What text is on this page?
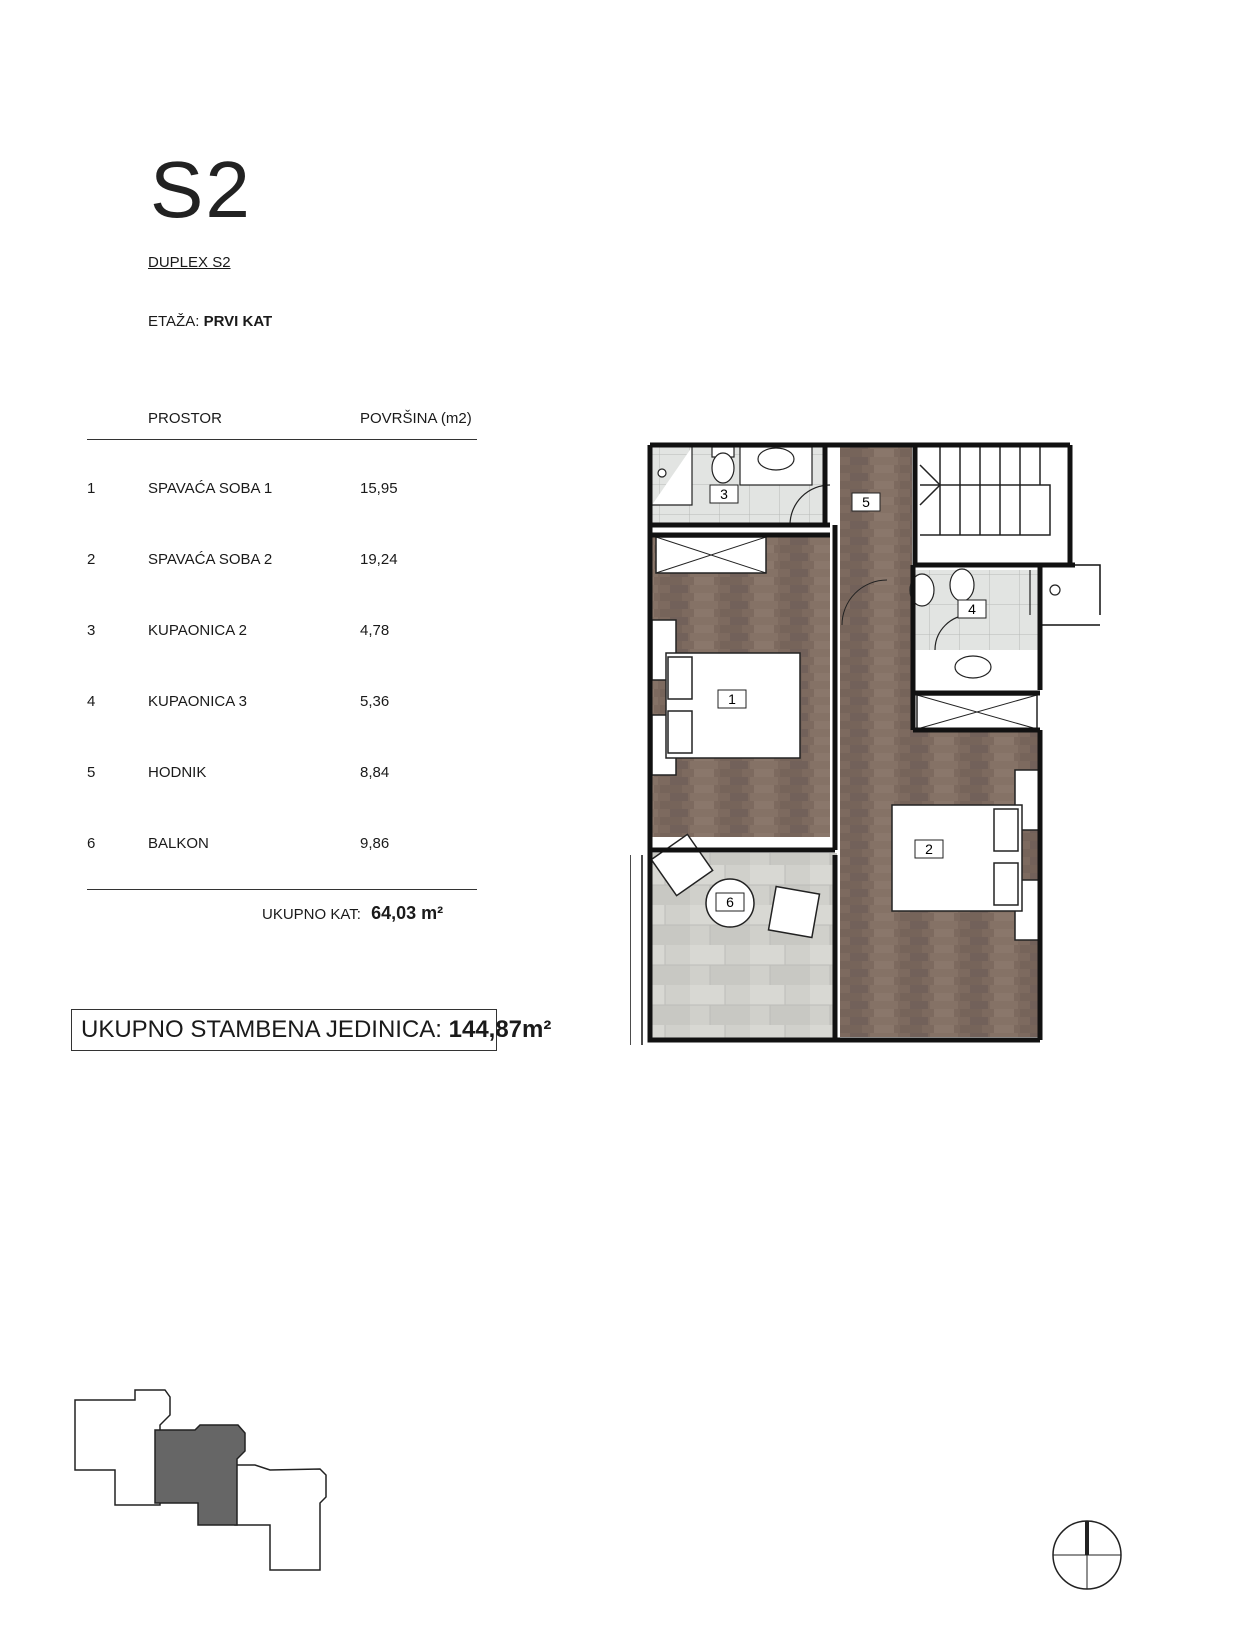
S2
DUPLEX S2
ETAŽA: PRVI KAT
PROSTOR	POVRŠINA (m2)
1	SPAVAĆA SOBA 1	15,95
2	SPAVAĆA SOBA 2	19,24
3	KUPAONICA 2	4,78
4	KUPAONICA 3	5,36
5	HODNIK	8,84
6	BALKON	9,86
UKUPNO KAT: 64,03 m²
UKUPNO STAMBENA JEDINICA: 144,87m²
3	5
4
1
2
6
